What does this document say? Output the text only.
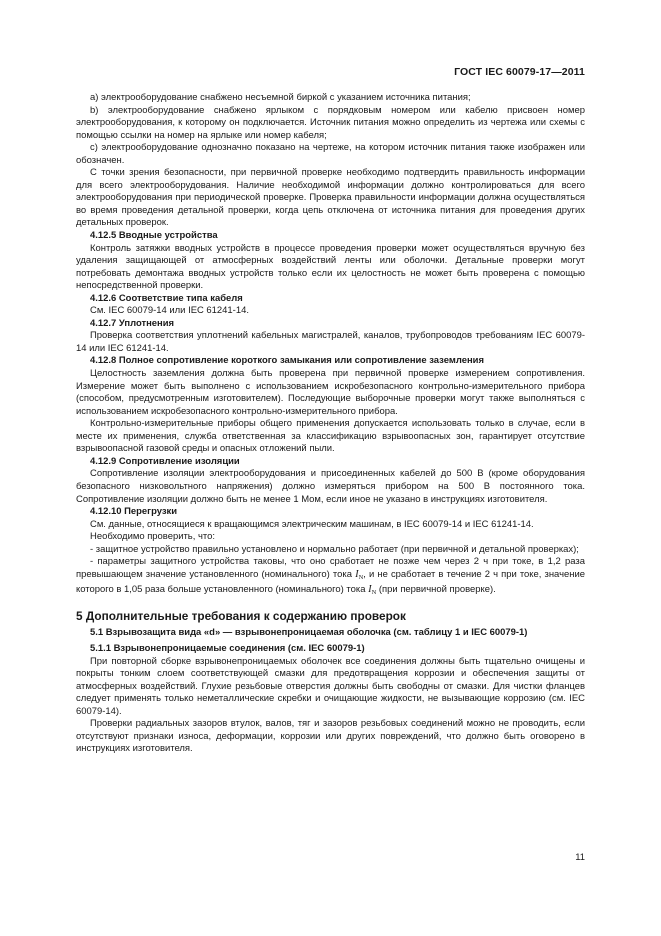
ГОСТ IEC 60079-17—2011

а) электрооборудование снабжено несъемной биркой с указанием источника питания;

b) электрооборудование снабжено ярлыком с порядковым номером или кабелю присвоен номер электрооборудования, к которому он подключается. Источник питания можно определить из чертежа или схемы с помощью ссылки на номер на ярлыке или номер кабеля;

с) электрооборудование однозначно показано на чертеже, на котором источник питания также изображен или обозначен.

С точки зрения безопасности, при первичной проверке необходимо подтвердить правильность информации для всего электрооборудования. Наличие необходимой информации должно контролироваться для всего электрооборудования при периодической проверке. Проверка правильности информации должна осуществляться во время проведения детальной проверки, когда цепь отключена от источника питания для проведения других детальных проверок.

4.12.5 Вводные устройства

Контроль затяжки вводных устройств в процессе проведения проверки может осуществляться вручную без удаления защищающей от атмосферных воздействий ленты или оболочки. Детальные проверки могут потребовать демонтажа вводных устройств только если их целостность не может быть проверена с помощью непосредственной проверки.

4.12.6 Соответствие типа кабеля

См. IEC 60079-14 или IEC 61241-14.

4.12.7 Уплотнения

Проверка соответствия уплотнений кабельных магистралей, каналов, трубопроводов требованиям IEC 60079-14 или IEC 61241-14.

4.12.8 Полное сопротивление короткого замыкания или сопротивление заземления

Целостность заземления должна быть проверена при первичной проверке измерением сопротивления. Измерение может быть выполнено с использованием искробезопасного контрольно-измерительного прибора (способом, предусмотренным изготовителем). Последующие выборочные проверки могут также выполняться с использованием искробезопасного контрольно-измерительного прибора.

Контрольно-измерительные приборы общего применения допускается использовать только в случае, если в месте их применения, служба ответственная за классификацию взрывоопасных зон, гарантирует отсутствие взрывоопасной газовой среды и опасных отложений пыли.

4.12.9 Сопротивление изоляции

Сопротивление изоляции электрооборудования и присоединенных кабелей до 500 В (кроме оборудования безопасного низковольтного напряжения) должно измеряться прибором на 500 В постоянного тока. Сопротивление изоляции должно быть не менее 1 Мом, если иное не указано в инструкциях изготовителя.

4.12.10 Перегрузки

См. данные, относящиеся к вращающимся электрическим машинам, в IEC 60079-14 и IEC 61241-14.

Необходимо проверить, что:

- защитное устройство правильно установлено и нормально работает (при первичной и детальной проверках);

- параметры защитного устройства таковы, что оно сработает не позже чем через 2 ч при токе, в 1,2 раза превышающем значение установленного (номинального) тока $I_N$, и не сработает в течение 2 ч при токе, значение которого в 1,05 раза больше установленного (номинального) тока $I_N$ (при первичной проверке).

5 Дополнительные требования к содержанию проверок

5.1 Взрывозащита вида «d» — взрывонепроницаемая оболочка (см. таблицу 1 и IEC 60079-1)

5.1.1 Взрывонепроницаемые соединения (см. IEC 60079-1)

При повторной сборке взрывонепроницаемых оболочек все соединения должны быть тщательно очищены и покрыты тонким слоем соответствующей смазки для предотвращения коррозии и обеспечения защиты от атмосферных воздействий. Глухие резьбовые отверстия должны быть свободны от смазки. Для чистки фланцев следует применять только неметаллические скребки и очищающие жидкости, не вызывающие коррозию (см. IEC 60079-14).

Проверки радиальных зазоров втулок, валов, тяг и зазоров резьбовых соединений можно не проводить, если отсутствуют признаки износа, деформации, коррозии или других повреждений, что должно быть оговорено в инструкциях изготовителя.

11
